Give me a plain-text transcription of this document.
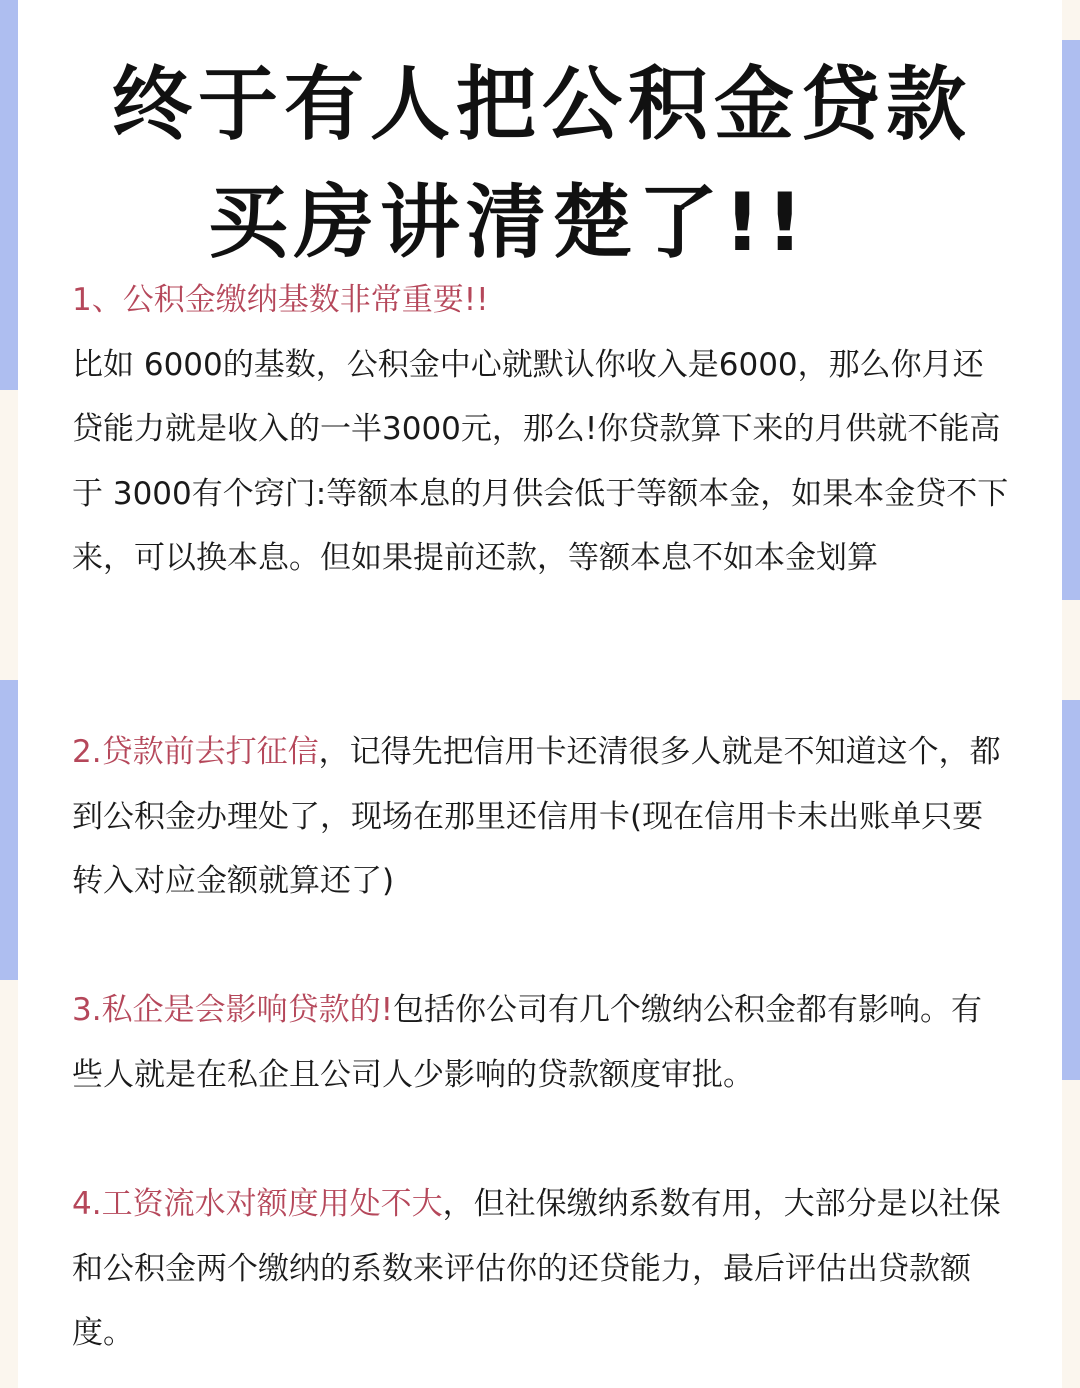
终于有人把公积金贷款
买房讲清楚了!!

1、公积金缴纳基数非常重要!!
比如 6000的基数，公积金中心就默认你收入是6000，那么你月还贷能力就是收入的一半3000元，那么!你贷款算下来的月供就不能高于 3000有个窍门:等额本息的月供会低于等额本金，如果本金贷不下来，可以换本息。但如果提前还款，等额本息不如本金划算

2.贷款前去打征信，记得先把信用卡还清很多人就是不知道这个，都到公积金办理处了，现场在那里还信用卡(现在信用卡未出账单只要转入对应金额就算还了)

3.私企是会影响贷款的!包括你公司有几个缴纳公积金都有影响。有些人就是在私企且公司人少影响的贷款额度审批。

4.工资流水对额度用处不大，但社保缴纳系数有用，大部分是以社保和公积金两个缴纳的系数来评估你的还贷能力，最后评估出贷款额度。
